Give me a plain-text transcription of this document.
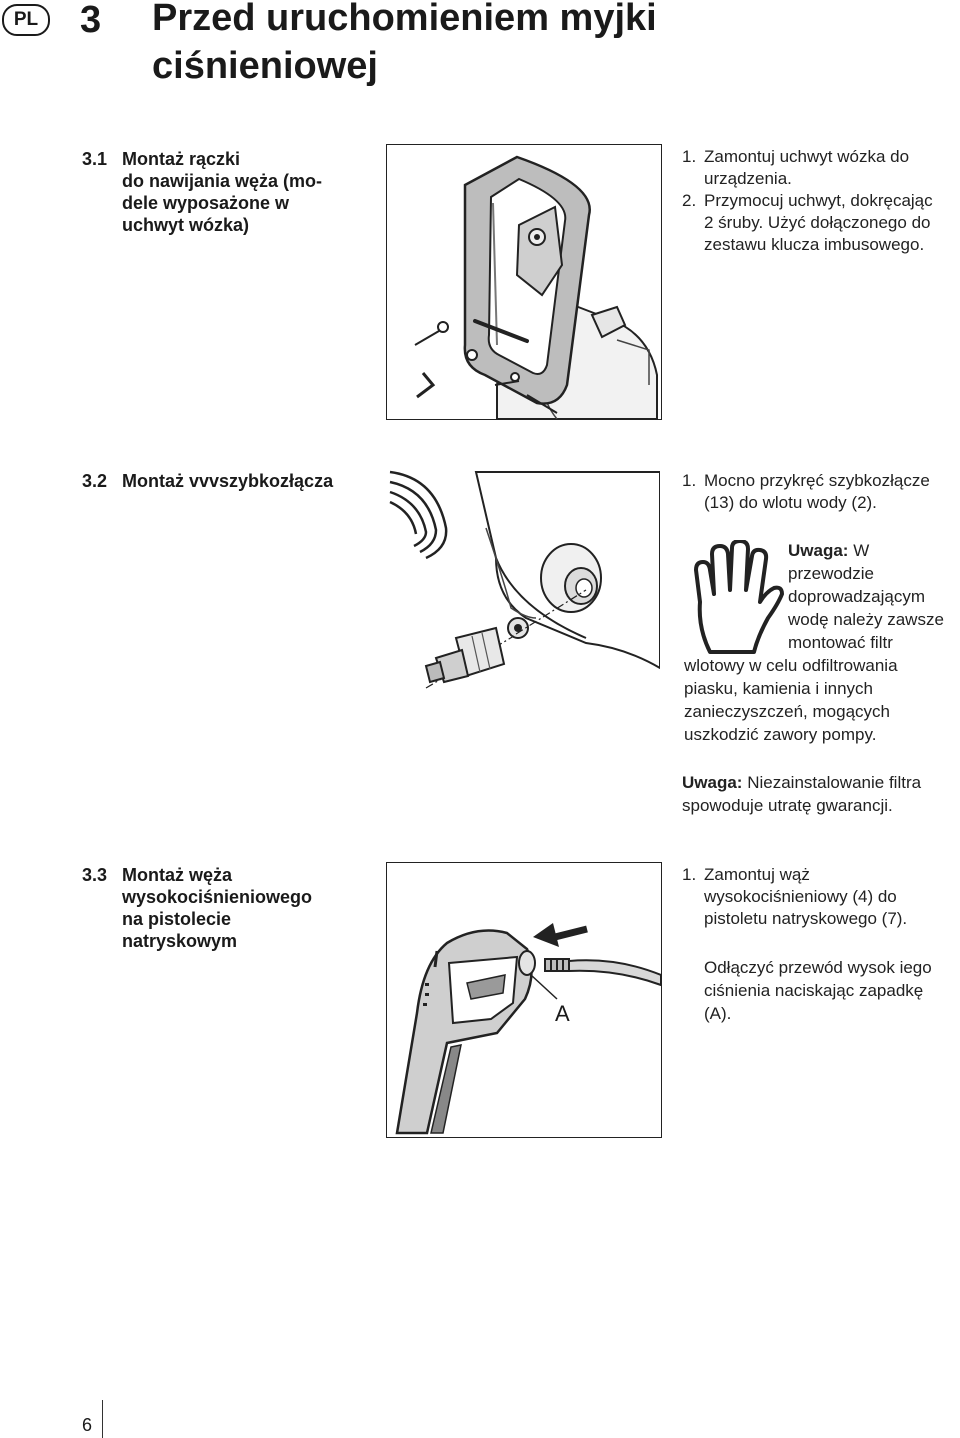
PL	3 Przed uruchomieniem myjki ciśnieniowej
3.1 Montaż rączki
do nawijania węża (mo-
dele wyposażone w
uchwyt wózka)
1. Zamontuj uchwyt wózka do urządzenia.
2. Przymocuj uchwyt, dokręcając 2 śruby. Użyć dołączonego do zestawu klucza imbusowego.
3.2 Montaż vvvszybkozłącza	1. Mocno przykręć szybkozłącze (13) do wlotu wody (2).
Uwaga: W przewodzie doprowadzającym wodę należy zawsze montować filtr wlotowy w celu odfiltrowania piasku, kamienia i innych zanieczyszczeń, mogących uszkodzić zawory pompy.
Uwaga: Niezainstalowanie filtra spowoduje utratę gwarancji.
3.3 Montaż węża
wysokociśnieniowego
na pistolecie
natryskowym
A
1. Zamontuj wąż wysokociśnieniowy (4) do pistoletu natryskowego (7).
Odłączyć przewód wysok iego ciśnienia naciskając zapadkę (A).
6
